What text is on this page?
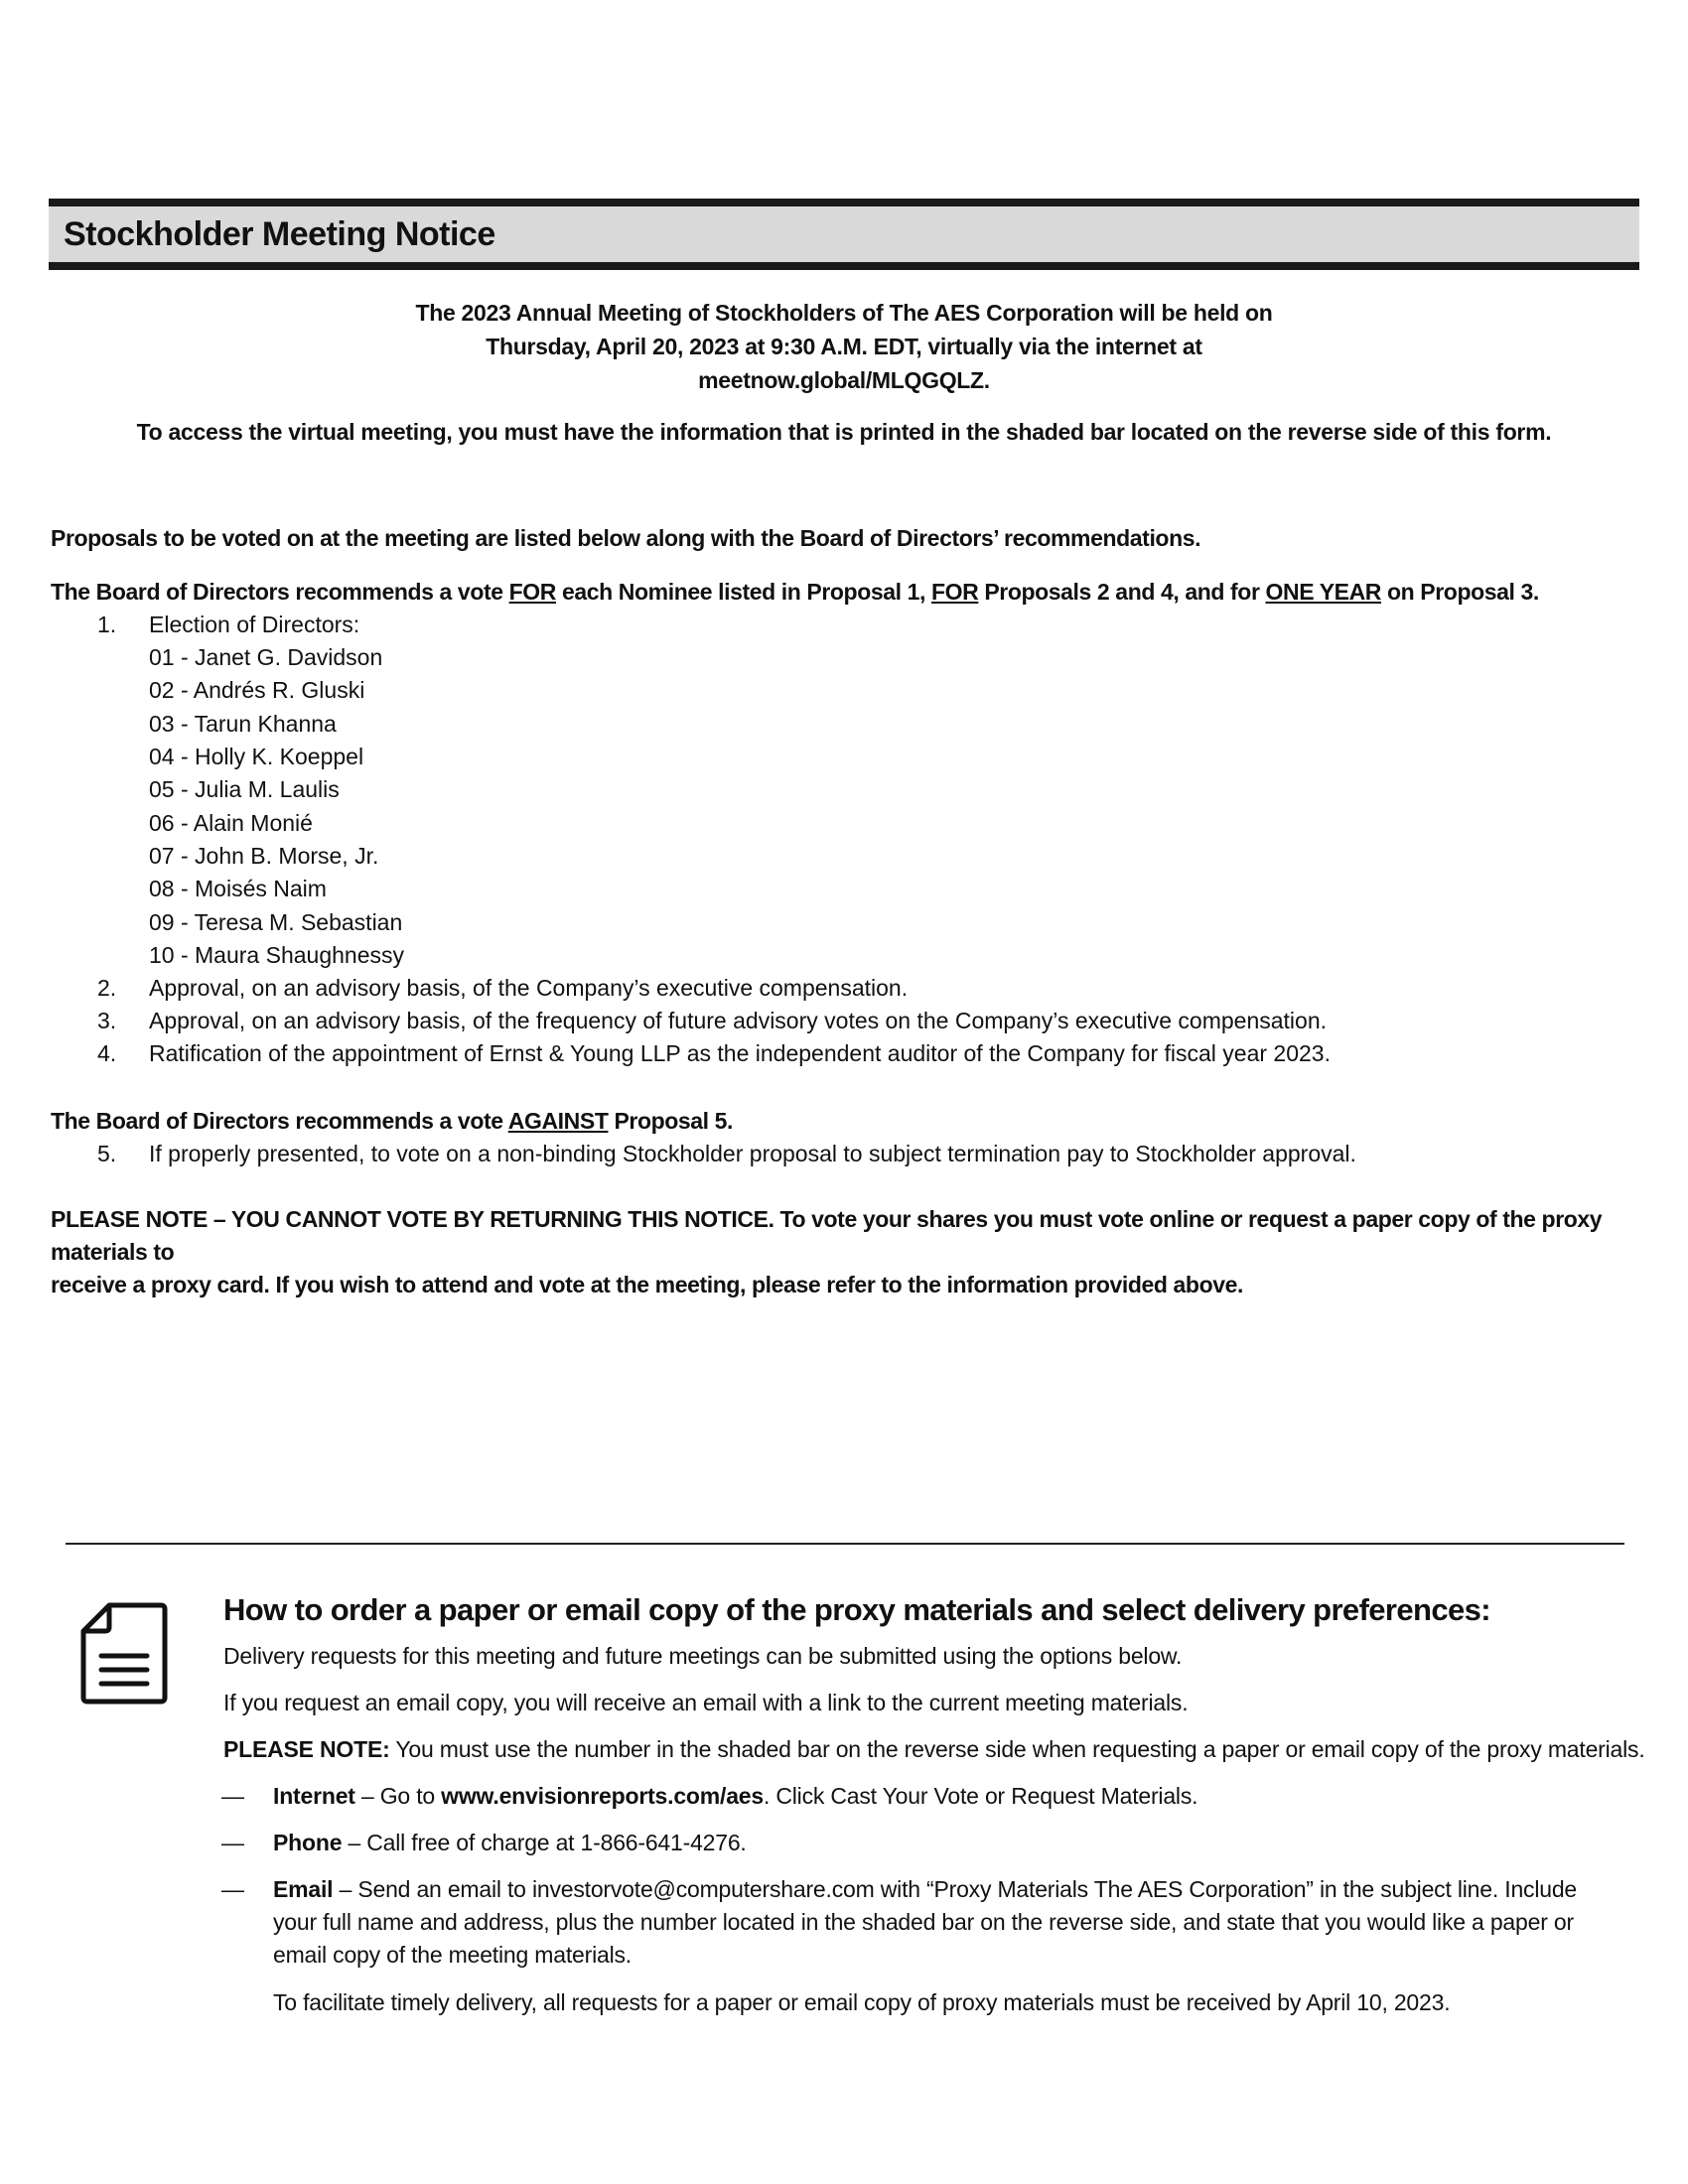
Stockholder Meeting Notice
The 2023 Annual Meeting of Stockholders of The AES Corporation will be held on
Thursday, April 20, 2023 at 9:30 A.M. EDT, virtually via the internet at
meetnow.global/MLQGQLZ.
To access the virtual meeting, you must have the information that is printed in the shaded bar located on the reverse side of this form.
Proposals to be voted on at the meeting are listed below along with the Board of Directors’ recommendations.
The Board of Directors recommends a vote FOR each Nominee listed in Proposal 1, FOR Proposals 2 and 4, and for ONE YEAR on Proposal 3.
1. Election of Directors:
01 - Janet G. Davidson
02 - Andrés R. Gluski
03 - Tarun Khanna
04 - Holly K. Koeppel
05 - Julia M. Laulis
06 - Alain Monié
07 - John B. Morse, Jr.
08 - Moisés Naim
09 - Teresa M. Sebastian
10 - Maura Shaughnessy
2. Approval, on an advisory basis, of the Company’s executive compensation.
3. Approval, on an advisory basis, of the frequency of future advisory votes on the Company’s executive compensation.
4. Ratification of the appointment of Ernst & Young LLP as the independent auditor of the Company for fiscal year 2023.
The Board of Directors recommends a vote AGAINST Proposal 5.
5. If properly presented, to vote on a non-binding Stockholder proposal to subject termination pay to Stockholder approval.
PLEASE NOTE – YOU CANNOT VOTE BY RETURNING THIS NOTICE. To vote your shares you must vote online or request a paper copy of the proxy materials to
receive a proxy card. If you wish to attend and vote at the meeting, please refer to the information provided above.
How to order a paper or email copy of the proxy materials and select delivery preferences:
Delivery requests for this meeting and future meetings can be submitted using the options below.
If you request an email copy, you will receive an email with a link to the current meeting materials.
PLEASE NOTE: You must use the number in the shaded bar on the reverse side when requesting a paper or email copy of the proxy materials.
— Internet – Go to www.envisionreports.com/aes. Click Cast Your Vote or Request Materials.
— Phone – Call free of charge at 1-866-641-4276.
— Email – Send an email to investorvote@computershare.com with “Proxy Materials The AES Corporation” in the subject line. Include
your full name and address, plus the number located in the shaded bar on the reverse side, and state that you would like a paper or
email copy of the meeting materials.
To facilitate timely delivery, all requests for a paper or email copy of proxy materials must be received by April 10, 2023.
